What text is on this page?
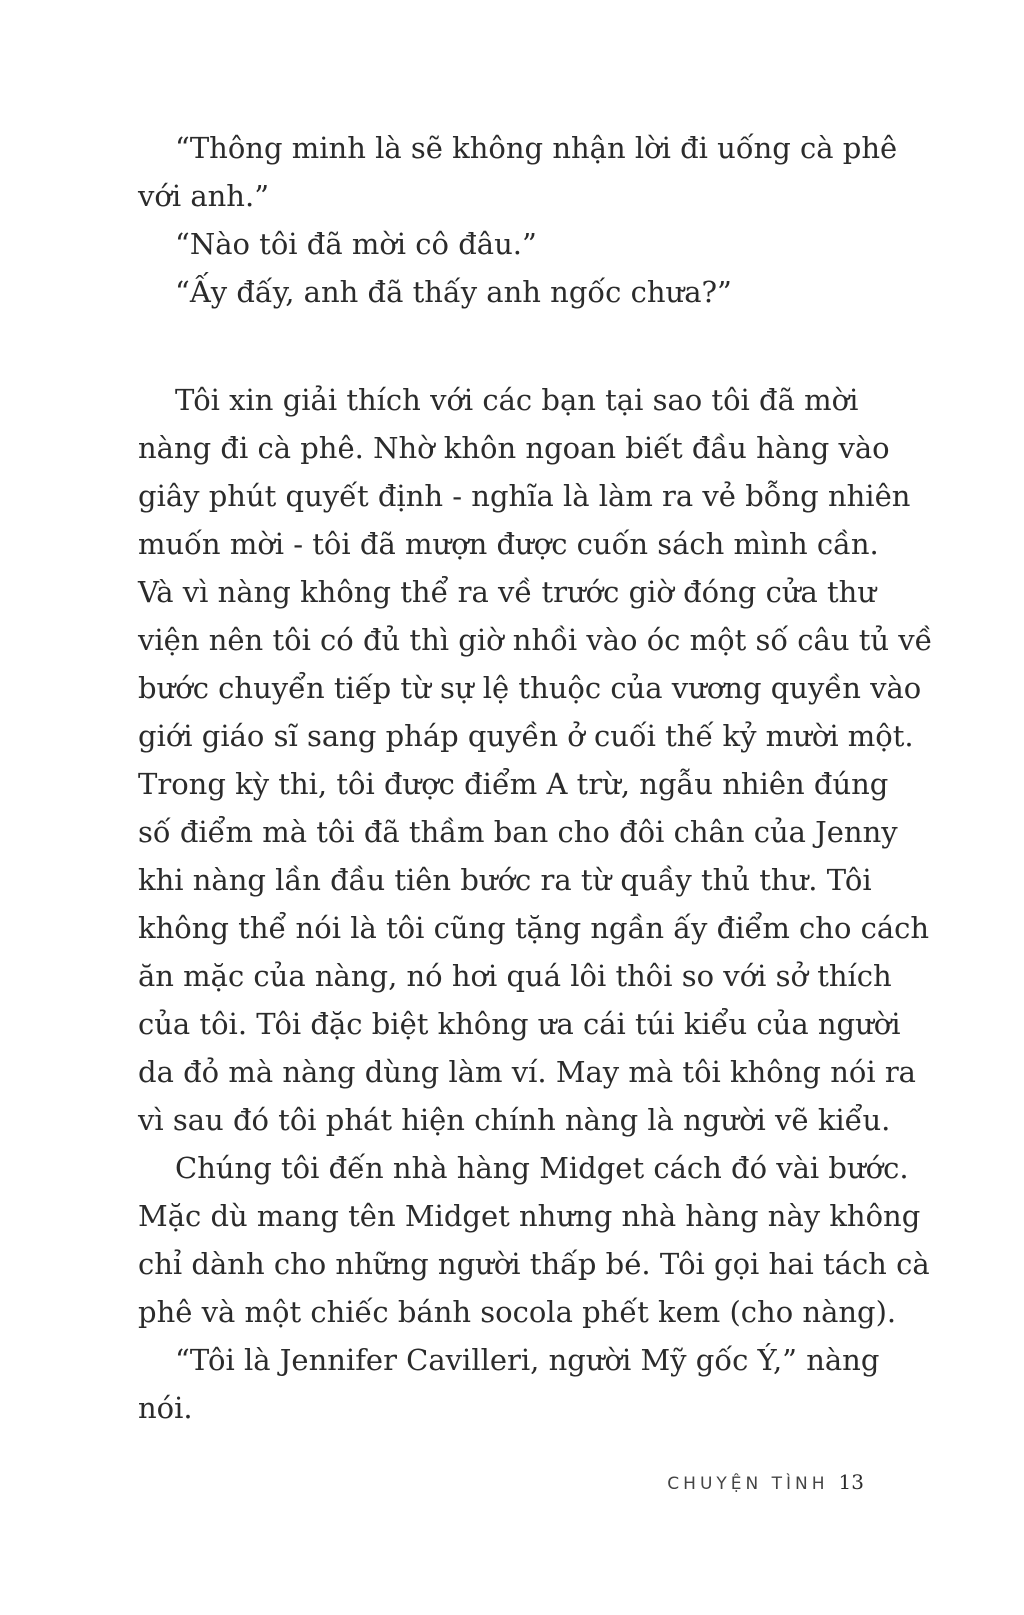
“Thông minh là sẽ không nhận lời đi uống cà phê
với anh.”
“Nào tôi đã mời cô đâu.”
“Ấy đấy, anh đã thấy anh ngốc chưa?”
Tôi xin giải thích với các bạn tại sao tôi đã mời
nàng đi cà phê. Nhờ khôn ngoan biết đầu hàng vào
giây phút quyết định - nghĩa là làm ra vẻ bỗng nhiên
muốn mời - tôi đã mượn được cuốn sách mình cần.
Và vì nàng không thể ra về trước giờ đóng cửa thư
viện nên tôi có đủ thì giờ nhồi vào óc một số câu tủ về
bước chuyển tiếp từ sự lệ thuộc của vương quyền vào
giới giáo sĩ sang pháp quyền ở cuối thế kỷ mười một.
Trong kỳ thi, tôi được điểm A trừ, ngẫu nhiên đúng
số điểm mà tôi đã thầm ban cho đôi chân của Jenny
khi nàng lần đầu tiên bước ra từ quầy thủ thư. Tôi
không thể nói là tôi cũng tặng ngần ấy điểm cho cách
ăn mặc của nàng, nó hơi quá lôi thôi so với sở thích
của tôi. Tôi đặc biệt không ưa cái túi kiểu của người
da đỏ mà nàng dùng làm ví. May mà tôi không nói ra
vì sau đó tôi phát hiện chính nàng là người vẽ kiểu.
Chúng tôi đến nhà hàng Midget cách đó vài bước.
Mặc dù mang tên Midget nhưng nhà hàng này không
chỉ dành cho những người thấp bé. Tôi gọi hai tách cà
phê và một chiếc bánh socola phết kem (cho nàng).
“Tôi là Jennifer Cavilleri, người Mỹ gốc Ý,” nàng
nói.
CHUYỆN TÌNH 13
